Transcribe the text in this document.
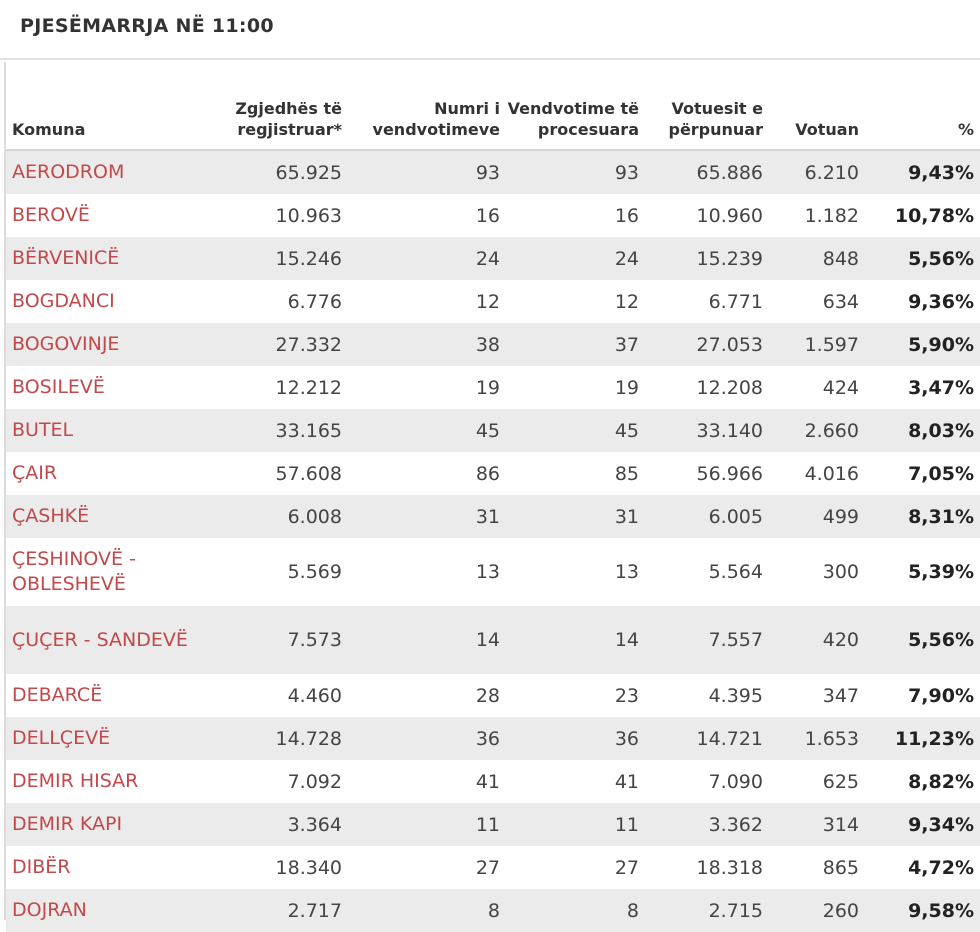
PJESËMARRJA NË 11:00
Komuna	Zgjedhës të regjistruar*	Numri i vendvotimeve	Vendvotime të procesuara	Votuesit e përpunuar	Votuan	%
AERODROM	65.925	93	93	65.886	6.210	9,43%
BEROVË	10.963	16	16	10.960	1.182	10,78%
BËRVENICË	15.246	24	24	15.239	848	5,56%
BOGDANCI	6.776	12	12	6.771	634	9,36%
BOGOVINJE	27.332	38	37	27.053	1.597	5,90%
BOSILEVË	12.212	19	19	12.208	424	3,47%
BUTEL	33.165	45	45	33.140	2.660	8,03%
ÇAIR	57.608	86	85	56.966	4.016	7,05%
ÇASHKË	6.008	31	31	6.005	499	8,31%
ÇESHINOVË - OBLESHEVË	5.569	13	13	5.564	300	5,39%
ÇUÇER - SANDEVË	7.573	14	14	7.557	420	5,56%
DEBARCË	4.460	28	23	4.395	347	7,90%
DELLÇEVË	14.728	36	36	14.721	1.653	11,23%
DEMIR HISAR	7.092	41	41	7.090	625	8,82%
DEMIR KAPI	3.364	11	11	3.362	314	9,34%
DIBËR	18.340	27	27	18.318	865	4,72%
DOJRAN	2.717	8	8	2.715	260	9,58%
